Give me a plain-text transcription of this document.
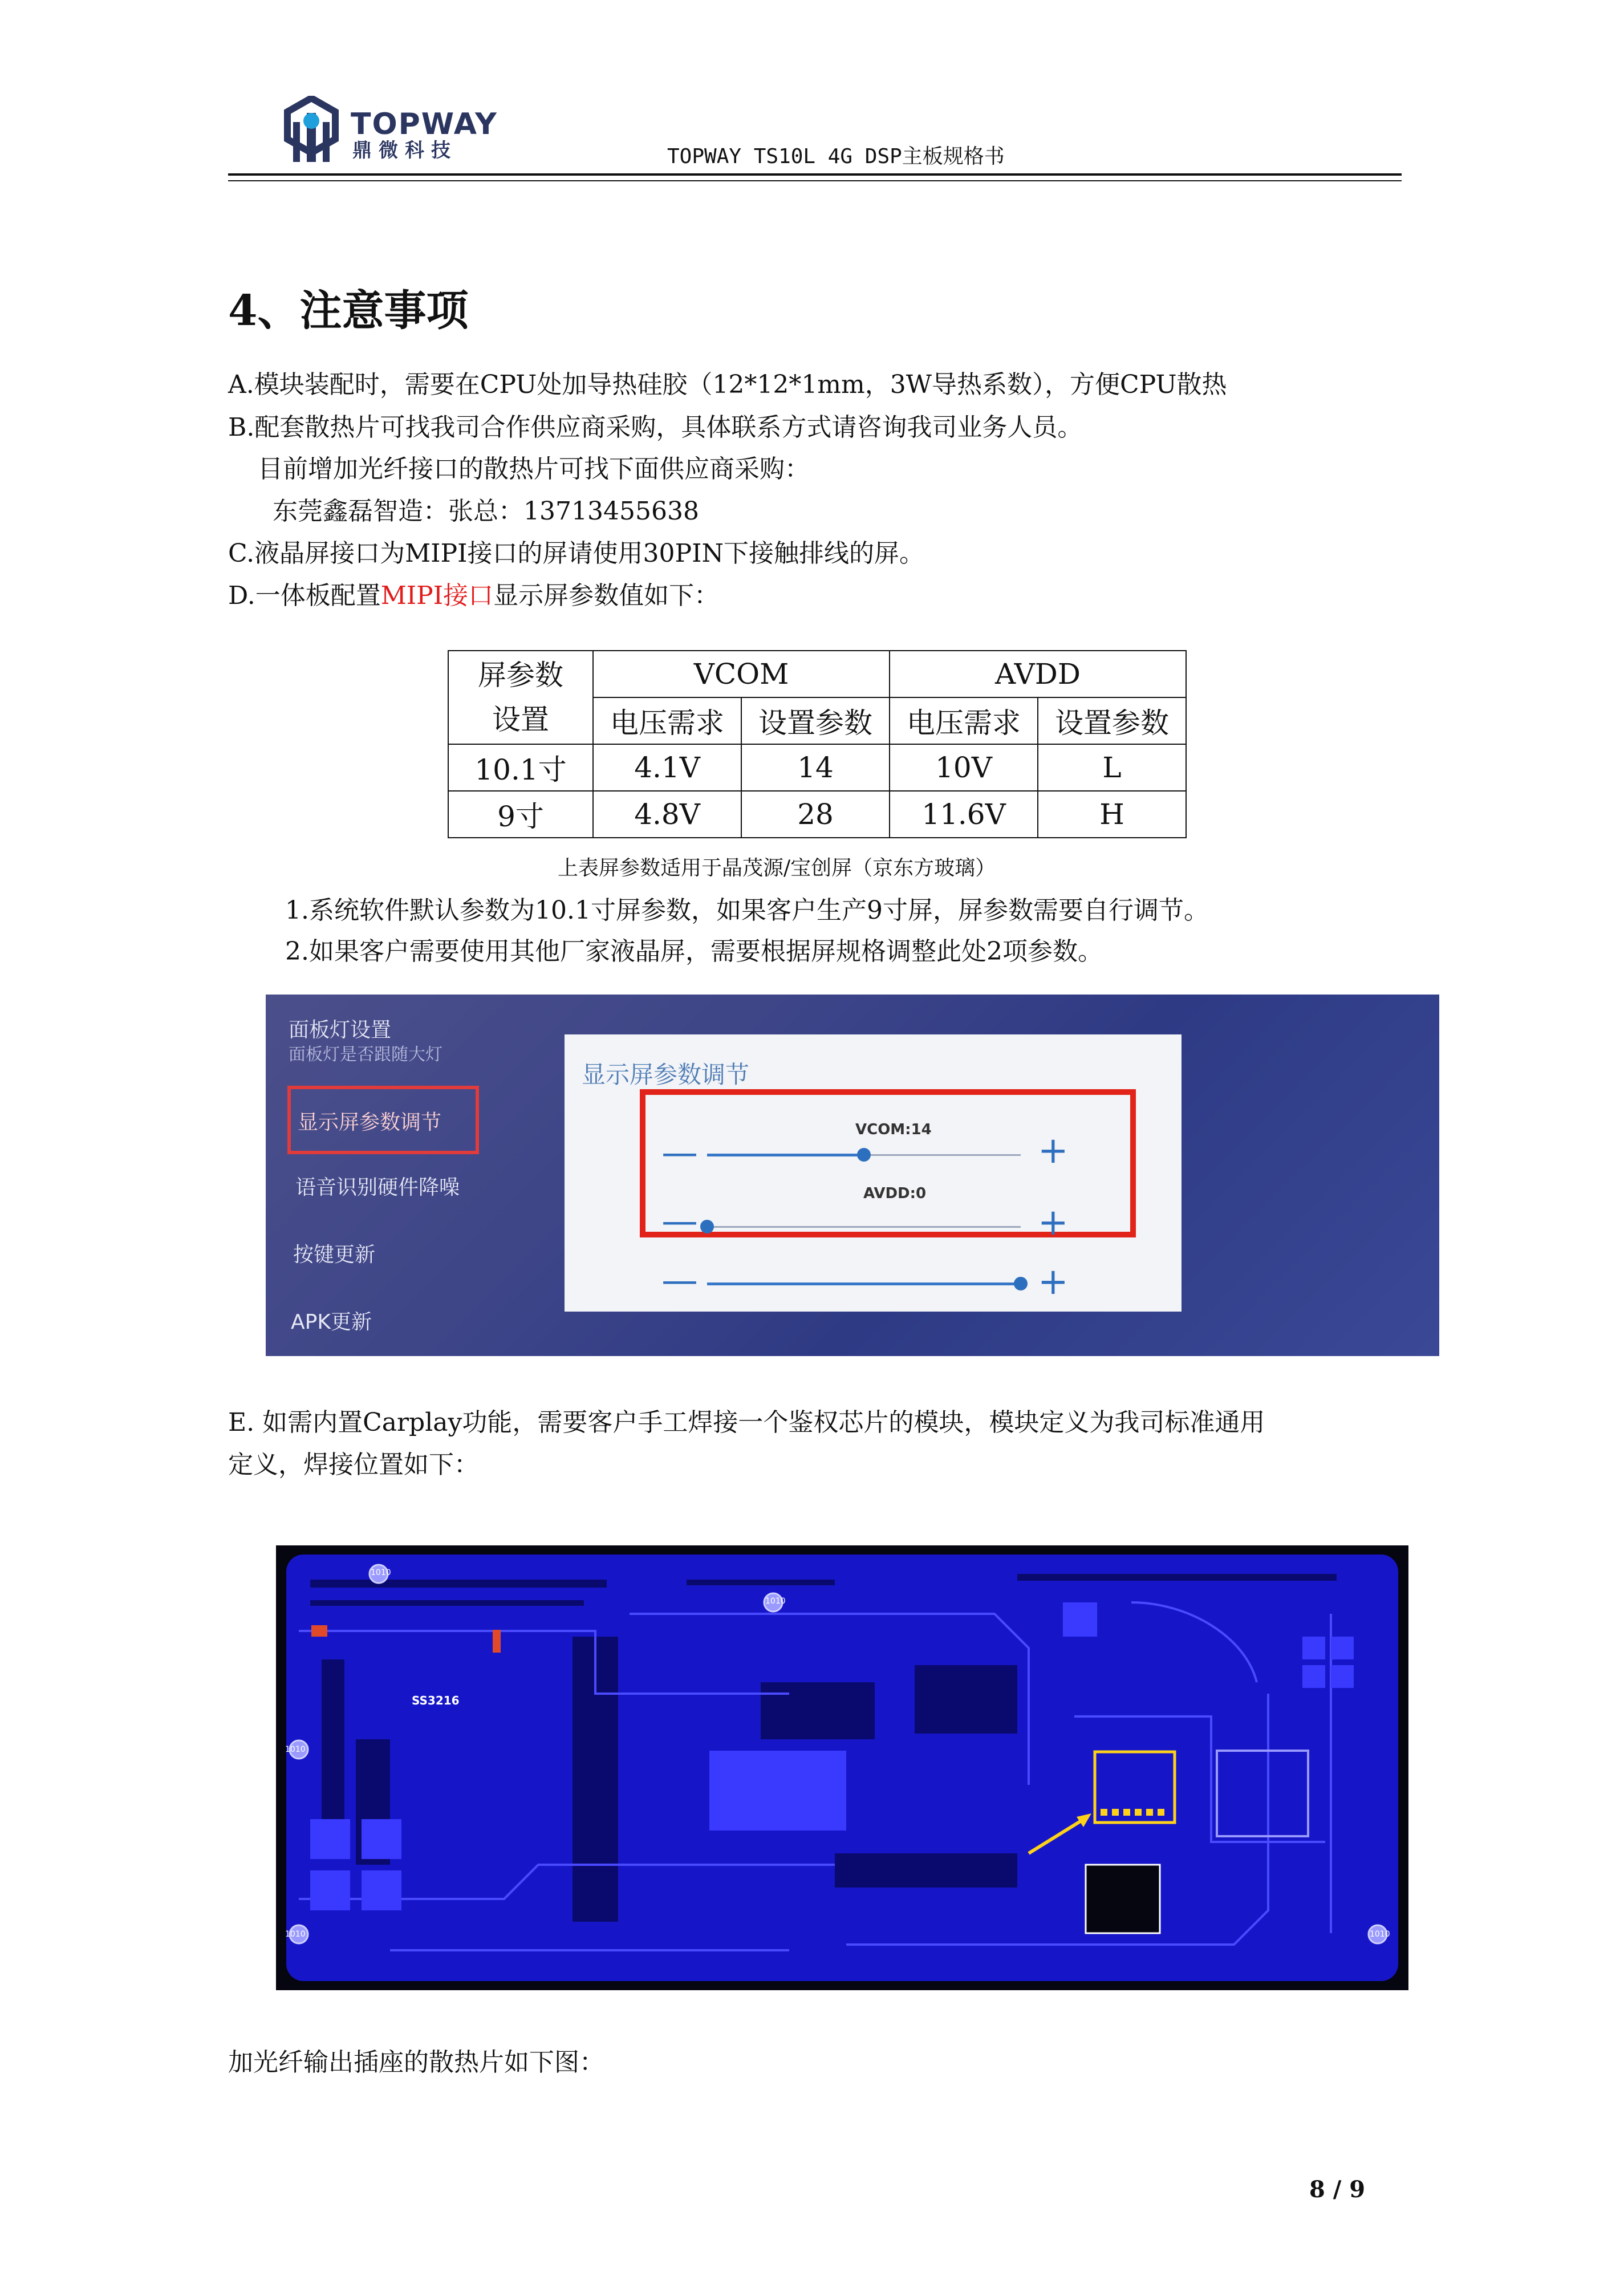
TOPWAY
鼎微科技	TOPWAY TS10L 4G DSP主板规格书
4、注意事项
A.模块装配时，需要在CPU处加导热硅胶（12*12*1mm，3W导热系数），方便CPU散热
B.配套散热片可找我司合作供应商采购，具体联系方式请咨询我司业务人员。
目前增加光纤接口的散热片可找下面供应商采购：
东莞鑫磊智造：张总：13713455638
C.液晶屏接口为MIPI接口的屏请使用30PIN下接触排线的屏。
D.一体板配置MIPI接口显示屏参数值如下：
屏参数
设置	VCOM		AVDD	
	电压需求	设置参数	电压需求	设置参数
10.1寸	4.1V	14	10V	L
9寸	4.8V	28	11.6V	H
上表屏参数适用于晶茂源/宝创屏（京东方玻璃）
1.系统软件默认参数为10.1寸屏参数，如果客户生产9寸屏，屏参数需要自行调节。
2.如果客户需要使用其他厂家液晶屏，需要根据屏规格调整此处2项参数。
面板灯设置
面板灯是否跟随大灯
显示屏参数调节
语音识别硬件降噪
按键更新
APK更新
显示屏参数调节
VCOM:14
—	+
AVDD:0
—	+
—	+
E. 如需内置Carplay功能，需要客户手工焊接一个鉴权芯片的模块，模块定义为我司标准通用
定义，焊接位置如下：
SS3216
1010
1010	1010
1010
1010
加光纤输出插座的散热片如下图：
8 / 9
